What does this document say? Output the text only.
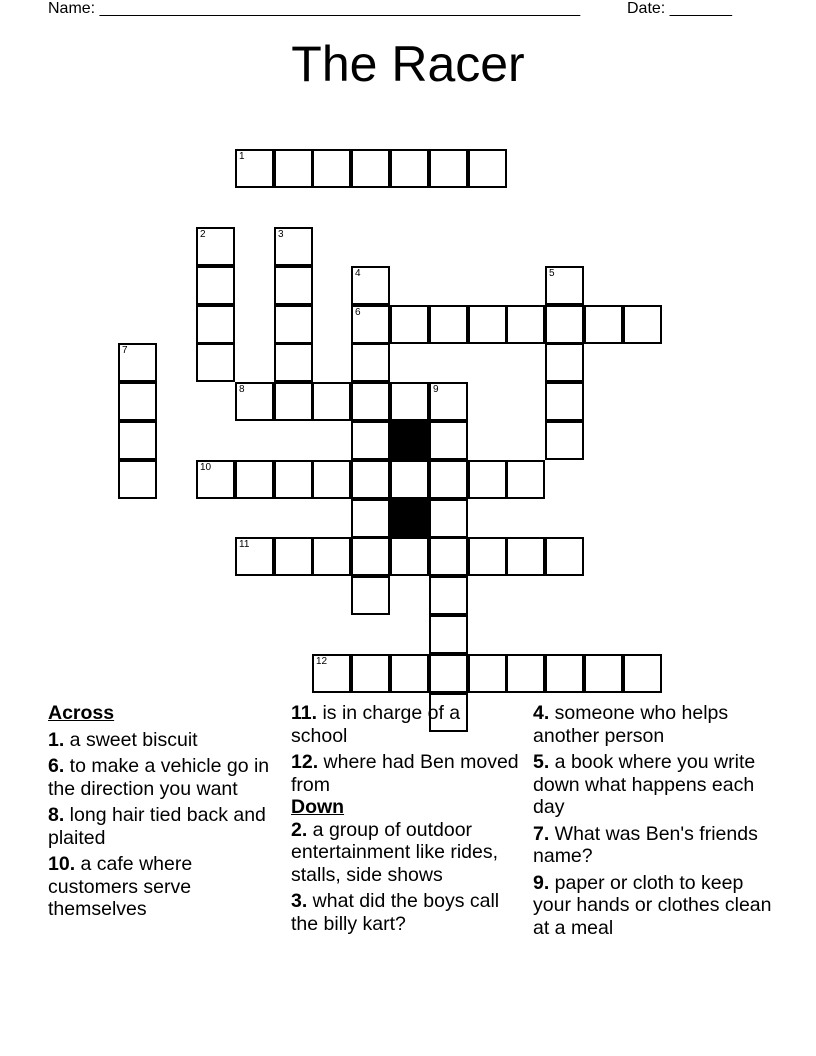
Name: ______________________________________________________	Date: _______
The Racer
1
2	3
4	5
6
7
8	9
10
11
12
Across
1. a sweet biscuit
6. to make a vehicle go in the direction you want
8. long hair tied back and plaited
10. a cafe where customers serve themselves
11. is in charge of a school
12. where had Ben moved from
Down
2. a group of outdoor entertainment like rides, stalls, side shows
3. what did the boys call the billy kart?
4. someone who helps another person
5. a book where you write down what happens each day
7. What was Ben's friends name?
9. paper or cloth to keep your hands or clothes clean at a meal
